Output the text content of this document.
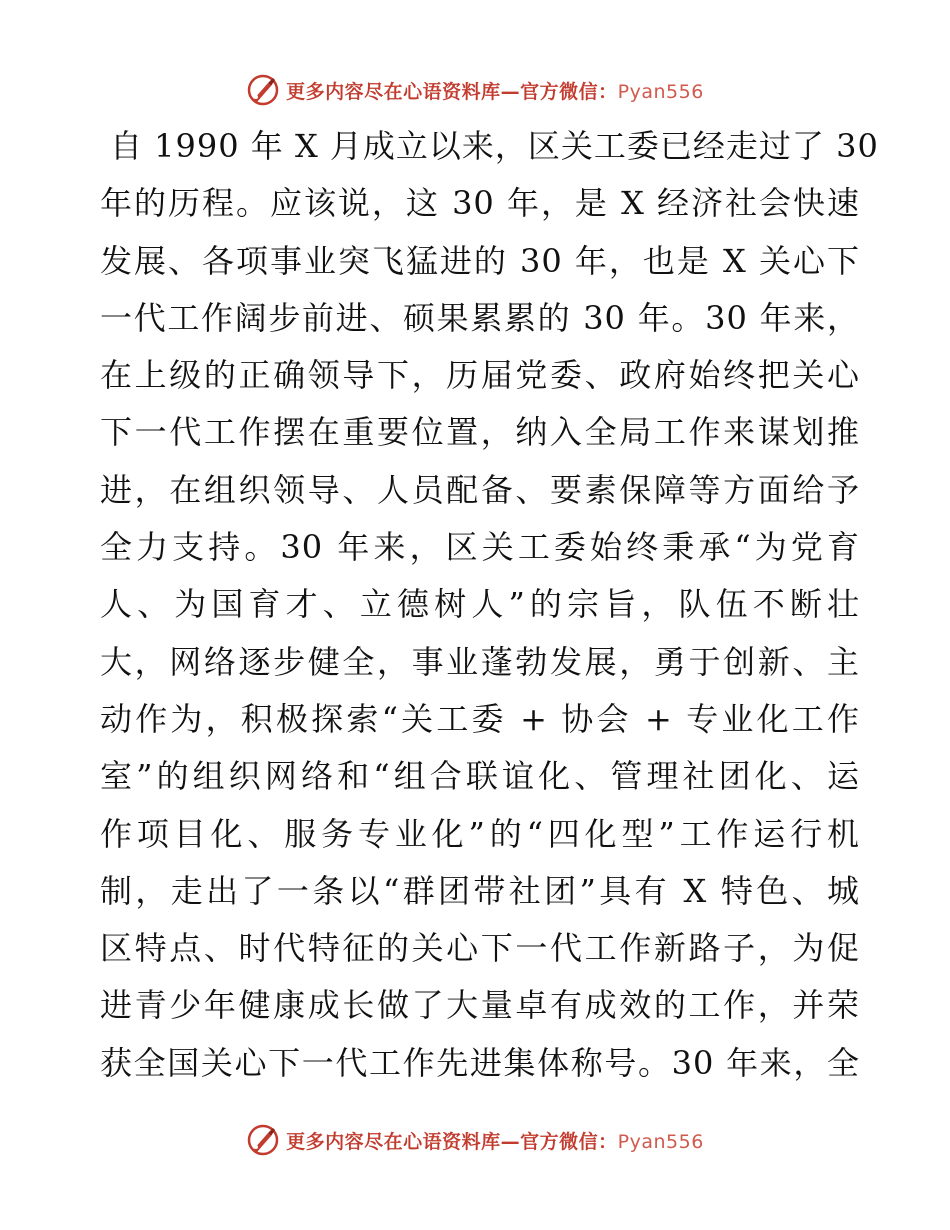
更多内容尽在心语资料库—官方微信：Pyan556
自 1990 年 X 月成立以来，区关工委已经走过了 30
年的历程。应该说，这 30 年，是 X 经济社会快速
发展、各项事业突飞猛进的 30 年，也是 X 关心下
一代工作阔步前进、硕果累累的 30 年。30 年来，
在上级的正确领导下，历届党委、政府始终把关心
下一代工作摆在重要位置，纳入全局工作来谋划推
进，在组织领导、人员配备、要素保障等方面给予
全力支持。30 年来，区关工委始终秉承“为党育
人、为国育才、立德树人”的宗旨，队伍不断壮
大，网络逐步健全，事业蓬勃发展，勇于创新、主
动作为，积极探索“关工委 + 协会 + 专业化工作
室”的组织网络和“组合联谊化、管理社团化、运
作项目化、服务专业化”的“四化型”工作运行机
制，走出了一条以“群团带社团”具有 X 特色、城
区特点、时代特征的关心下一代工作新路子，为促
进青少年健康成长做了大量卓有成效的工作，并荣
获全国关心下一代工作先进集体称号。30 年来，全
更多内容尽在心语资料库—官方微信：Pyan556
